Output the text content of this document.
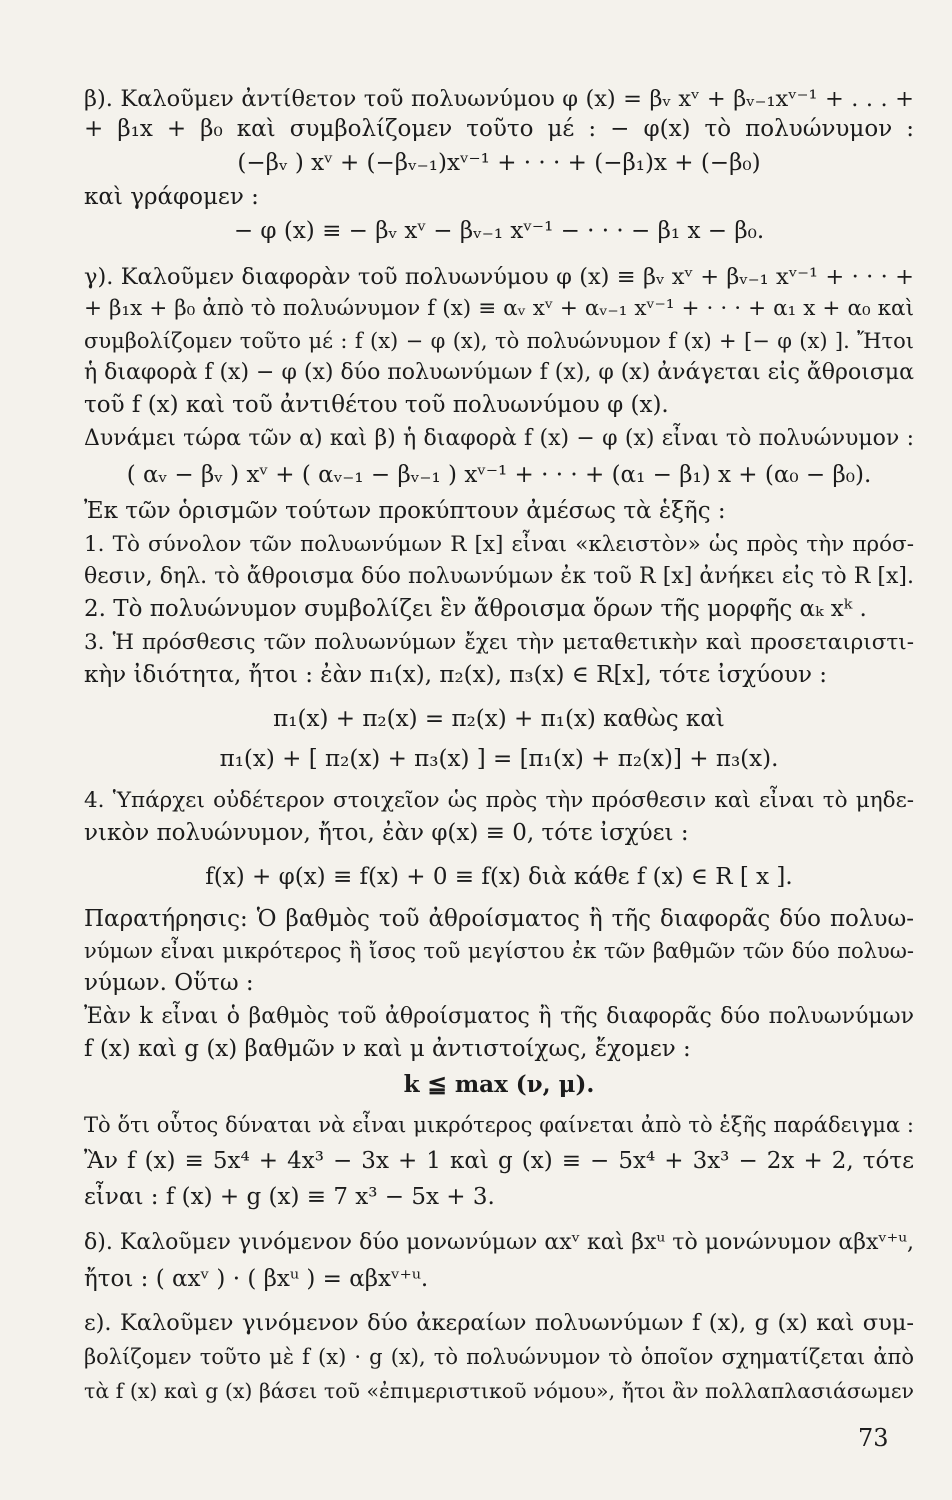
β). Καλοῦμεν ἀντίθετον τοῦ πολυωνύμου φ (x) = βᵥ xᵛ + βᵥ₋₁xᵛ⁻¹ + . . . +
+ β₁x + β₀ καὶ συμβολίζομεν τοῦτο μέ : − φ(x) τὸ πολυώνυμον :
(−βᵥ ) xᵛ + (−βᵥ₋₁)xᵛ⁻¹ + · · · + (−β₁)x + (−β₀)
καὶ γράφομεν :
− φ (x) ≡ − βᵥ xᵛ − βᵥ₋₁ xᵛ⁻¹ − · · · − β₁ x − β₀.
γ). Καλοῦμεν διαφορὰν τοῦ πολυωνύμου φ (x) ≡ βᵥ xᵛ + βᵥ₋₁ xᵛ⁻¹ + · · · +
+ β₁x + β₀ ἀπὸ τὸ πολυώνυμον f (x) ≡ αᵥ xᵛ + αᵥ₋₁ xᵛ⁻¹ + · · · + α₁ x + α₀ καὶ
συμβολίζομεν τοῦτο μέ : f (x) − φ (x), τὸ πολυώνυμον f (x) + [− φ (x) ]. Ἤτοι
ἡ διαφορὰ f (x) − φ (x) δύο πολυωνύμων f (x), φ (x) ἀνάγεται εἰς ἄθροισμα
τοῦ f (x) καὶ τοῦ ἀντιθέτου τοῦ πολυωνύμου φ (x).
Δυνάμει τώρα τῶν α) καὶ β) ἡ διαφορὰ f (x) − φ (x) εἶναι τὸ πολυώνυμον :
( αᵥ − βᵥ ) xᵛ + ( αᵥ₋₁ − βᵥ₋₁ ) xᵛ⁻¹ + · · · + (α₁ − β₁) x + (α₀ − β₀).
Ἐκ τῶν ὁρισμῶν τούτων προκύπτουν ἀμέσως τὰ ἑξῆς :
1. Τὸ σύνολον τῶν πολυωνύμων R [x] εἶναι «κλειστὸν» ὡς πρὸς τὴν πρόσ-
θεσιν, δηλ. τὸ ἄθροισμα δύο πολυωνύμων ἐκ τοῦ R [x] ἀνήκει εἰς τὸ R [x].
2. Τὸ πολυώνυμον συμβολίζει ἓν ἄθροισμα ὅρων τῆς μορφῆς αₖ xᵏ .
3. Ἡ πρόσθεσις τῶν πολυωνύμων ἔχει τὴν μεταθετικὴν καὶ προσεταιριστι-
κὴν ἰδιότητα, ἤτοι : ἐὰν π₁(x), π₂(x), π₃(x) ∈ R[x], τότε ἰσχύουν :
π₁(x) + π₂(x) = π₂(x) + π₁(x) καθὼς καὶ
π₁(x) + [ π₂(x) + π₃(x) ] = [π₁(x) + π₂(x)] + π₃(x).
4. Ὑπάρχει οὐδέτερον στοιχεῖον ὡς πρὸς τὴν πρόσθεσιν καὶ εἶναι τὸ μηδε-
νικὸν πολυώνυμον, ἤτοι, ἐὰν φ(x) ≡ 0, τότε ἰσχύει :
f(x) + φ(x) ≡ f(x) + 0 ≡ f(x) διὰ κάθε f (x) ∈ R [ x ].
Παρατήρησις: Ὁ βαθμὸς τοῦ ἀθροίσματος ἢ τῆς διαφορᾶς δύο πολυω-
νύμων εἶναι μικρότερος ἢ ἴσος τοῦ μεγίστου ἐκ τῶν βαθμῶν τῶν δύο πολυω-
νύμων. Οὕτω :
Ἐὰν k εἶναι ὁ βαθμὸς τοῦ ἀθροίσματος ἢ τῆς διαφορᾶς δύο πολυωνύμων
f (x) καὶ g (x) βαθμῶν ν καὶ μ ἀντιστοίχως, ἔχομεν :
k ≦ max (ν, μ).
Τὸ ὅτι οὗτος δύναται νὰ εἶναι μικρότερος φαίνεται ἀπὸ τὸ ἑξῆς παράδειγμα :
Ἂν f (x) ≡ 5x⁴ + 4x³ − 3x + 1 καὶ g (x) ≡ − 5x⁴ + 3x³ − 2x + 2, τότε
εἶναι : f (x) + g (x) ≡ 7 x³ − 5x + 3.
δ). Καλοῦμεν γινόμενον δύο μονωνύμων αxᵛ καὶ βxᵘ τὸ μονώνυμον αβxᵛ⁺ᵘ,
ἤτοι : ( αxᵛ ) · ( βxᵘ ) = αβxᵛ⁺ᵘ.
ε). Καλοῦμεν γινόμενον δύο ἀκεραίων πολυωνύμων f (x), g (x) καὶ συμ-
βολίζομεν τοῦτο μὲ f (x) · g (x), τὸ πολυώνυμον τὸ ὁποῖον σχηματίζεται ἀπὸ
τὰ f (x) καὶ g (x) βάσει τοῦ «ἐπιμεριστικοῦ νόμου», ἤτοι ἂν πολλαπλασιάσωμεν
73
